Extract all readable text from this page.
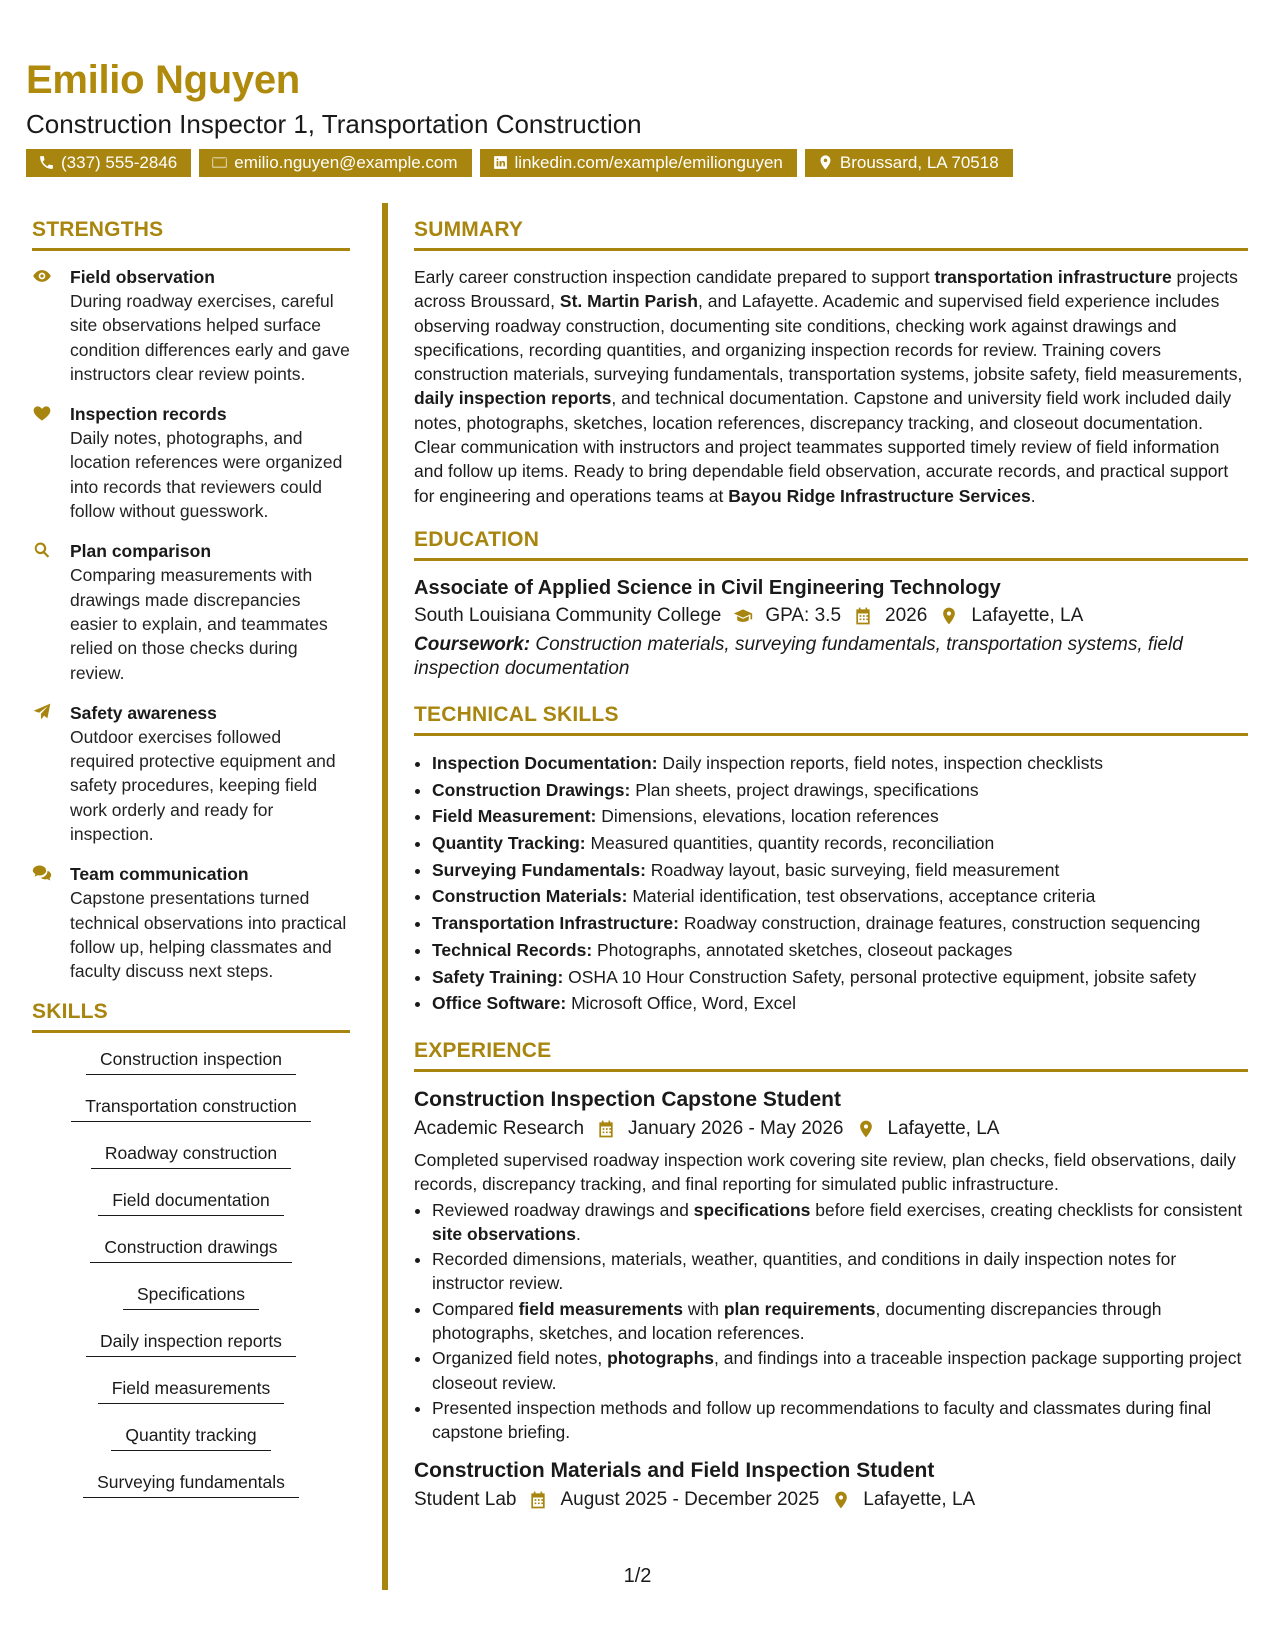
Emilio Nguyen
Construction Inspector 1, Transportation Construction
(337) 555-2846	emilio.nguyen@example.com	linkedin.com/example/emilionguyen	Broussard, LA 70518
STRENGTHS
Field observation
During roadway exercises, careful site observations helped surface condition differences early and gave instructors clear review points.
Inspection records
Daily notes, photographs, and location references were organized into records that reviewers could follow without guesswork.
Plan comparison
Comparing measurements with drawings made discrepancies easier to explain, and teammates relied on those checks during review.
Safety awareness
Outdoor exercises followed required protective equipment and safety procedures, keeping field work orderly and ready for inspection.
Team communication
Capstone presentations turned technical observations into practical follow up, helping classmates and faculty discuss next steps.
SKILLS
Construction inspection
Transportation construction
Roadway construction
Field documentation
Construction drawings
Specifications
Daily inspection reports
Field measurements
Quantity tracking
Surveying fundamentals
SUMMARY
Early career construction inspection candidate prepared to support transportation infrastructure projects across Broussard, St. Martin Parish, and Lafayette. Academic and supervised field experience includes observing roadway construction, documenting site conditions, checking work against drawings and specifications, recording quantities, and organizing inspection records for review. Training covers construction materials, surveying fundamentals, transportation systems, jobsite safety, field measurements, daily inspection reports, and technical documentation. Capstone and university field work included daily notes, photographs, sketches, location references, discrepancy tracking, and closeout documentation. Clear communication with instructors and project teammates supported timely review of field information and follow up items. Ready to bring dependable field observation, accurate records, and practical support for engineering and operations teams at Bayou Ridge Infrastructure Services.
EDUCATION
Associate of Applied Science in Civil Engineering Technology
South Louisiana Community College GPA: 3.5 2026 Lafayette, LA
Coursework: Construction materials, surveying fundamentals, transportation systems, field inspection documentation
TECHNICAL SKILLS
• Inspection Documentation: Daily inspection reports, field notes, inspection checklists
• Construction Drawings: Plan sheets, project drawings, specifications
• Field Measurement: Dimensions, elevations, location references
• Quantity Tracking: Measured quantities, quantity records, reconciliation
• Surveying Fundamentals: Roadway layout, basic surveying, field measurement
• Construction Materials: Material identification, test observations, acceptance criteria
• Transportation Infrastructure: Roadway construction, drainage features, construction sequencing
• Technical Records: Photographs, annotated sketches, closeout packages
• Safety Training: OSHA 10 Hour Construction Safety, personal protective equipment, jobsite safety
• Office Software: Microsoft Office, Word, Excel
EXPERIENCE
Construction Inspection Capstone Student
Academic Research January 2026 - May 2026 Lafayette, LA
Completed supervised roadway inspection work covering site review, plan checks, field observations, daily records, discrepancy tracking, and final reporting for simulated public infrastructure.
• Reviewed roadway drawings and specifications before field exercises, creating checklists for consistent site observations.
• Recorded dimensions, materials, weather, quantities, and conditions in daily inspection notes for instructor review.
• Compared field measurements with plan requirements, documenting discrepancies through photographs, sketches, and location references.
• Organized field notes, photographs, and findings into a traceable inspection package supporting project closeout review.
• Presented inspection methods and follow up recommendations to faculty and classmates during final capstone briefing.
Construction Materials and Field Inspection Student
Student Lab August 2025 - December 2025 Lafayette, LA
1/2
